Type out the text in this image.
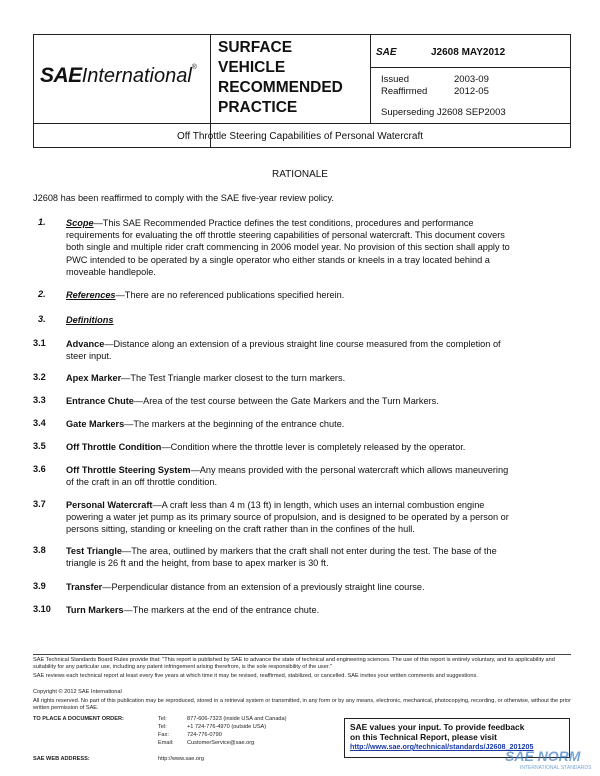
SAEInternational®
SURFACE
VEHICLE
RECOMMENDED
PRACTICE
SAE	J2608 MAY2012
Issued	2003-09
Reaffirmed	2012-05
Superseding J2608 SEP2003
Off Throttle Steering Capabilities of Personal Watercraft
RATIONALE
J2608 has been reaffirmed to comply with the SAE five-year review policy.
1. Scope—This SAE Recommended Practice defines the test conditions, procedures and performance
requirements for evaluating the off throttle steering capabilities of personal watercraft. This document covers
both single and multiple rider craft commencing in 2006 model year. No provision of this section shall apply to
PWC intended to be operated by a single operator who either stands or kneels in a tray located behind a
moveable handlepole.
2. References—There are no referenced publications specified herein.
3. Definitions
3.1 Advance—Distance along an extension of a previous straight line course measured from the completion of
steer input.
3.2 Apex Marker—The Test Triangle marker closest to the turn markers.
3.3 Entrance Chute—Area of the test course between the Gate Markers and the Turn Markers.
3.4 Gate Markers—The markers at the beginning of the entrance chute.
3.5 Off Throttle Condition—Condition where the throttle lever is completely released by the operator.
3.6 Off Throttle Steering System—Any means provided with the personal watercraft which allows maneuvering
of the craft in an off throttle condition.
3.7 Personal Watercraft—A craft less than 4 m (13 ft) in length, which uses an internal combustion engine
powering a water jet pump as its primary source of propulsion, and is designed to be operated by a person or
persons sitting, standing or kneeling on the craft rather than in the confines of the hull.
3.8 Test Triangle—The area, outlined by markers that the craft shall not enter during the test. The base of the
triangle is 26 ft and the height, from base to apex marker is 30 ft.
3.9 Transfer—Perpendicular distance from an extension of a previously straight line course.
3.10 Turn Markers—The markers at the end of the entrance chute.
SAE Technical Standards Board Rules provide that: "This report is published by SAE to advance the state of technical and engineering sciences. The use of this report is entirely voluntary, and its applicability and suitability for any particular use, including any patent infringement arising therefrom, is the sole responsibility of the user."
SAE reviews each technical report at least every five years at which time it may be revised, reaffirmed, stabilized, or cancelled. SAE invites your written comments and suggestions.
Copyright © 2012 SAE International
All rights reserved. No part of this publication may be reproduced, stored in a retrieval system or transmitted, in any form or by any means, electronic, mechanical, photocopying, recording, or otherwise, without the prior written permission of SAE.
TO PLACE A DOCUMENT ORDER:	Tel:	877-606-7323 (inside USA and Canada)
Tel:	+1 724-776-4970 (outside USA)
Fax:	724-776-0790
Email: CustomerService@sae.org
SAE WEB ADDRESS:	http://www.sae.org
SAE values your input. To provide feedback
on this Technical Report, please visit
http://www.sae.org/technical/standards/J2608_201205
SAE NORM
INTERNATIONAL STANDARDS
